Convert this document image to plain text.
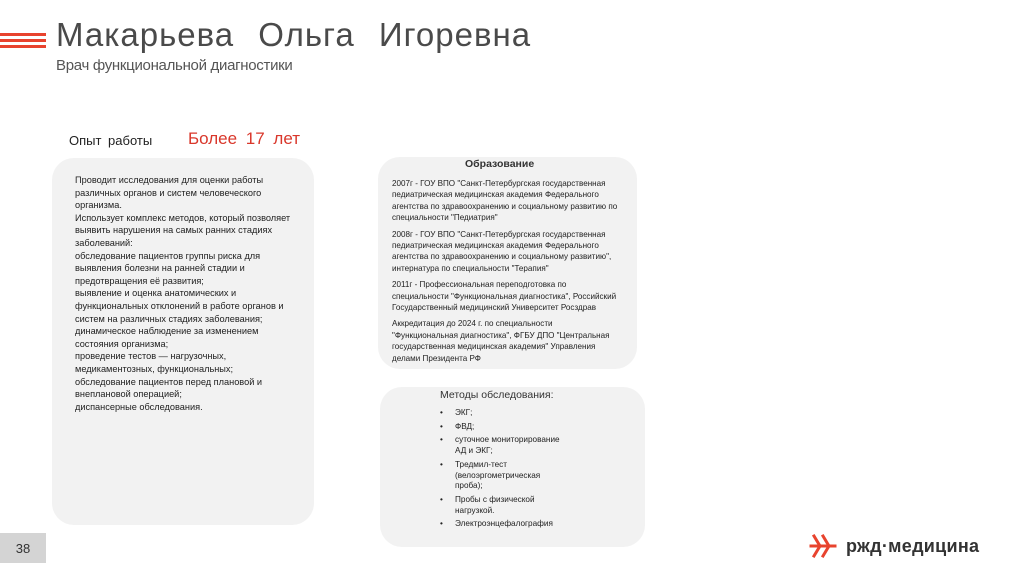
Макарьева Ольга Игоревна
Врач функциональной диагностики
Опыт работы Более 17 лет

Проводит исследования для оценки работы различных органов и систем человеческого организма.

Использует комплекс методов, который позволяет выявить нарушения на самых ранних стадиях заболеваний:

обследование пациентов группы риска для выявления болезни на ранней стадии и предотвращения её развития;

выявление и оценка анатомических и функциональных отклонений в работе органов и систем на различных стадиях заболевания;

динамическое наблюдение за изменением состояния организма;

проведение тестов — нагрузочных, медикаментозных, функциональных;

обследование пациентов перед плановой и внеплановой операцией;

диспансерные обследования.

Образование

2007г - ГОУ ВПО "Санкт-Петербургская государственная педиатрическая медицинская академия Федерального агентства по здравоохранению и социальному развитию по специальности "Педиатрия"

2008г - ГОУ ВПО "Санкт-Петербургская государственная педиатрическая медицинская академия Федерального агентства по здравоохранению и социальному развитию", интернатура по специальности "Терапия"

2011г - Профессиональная переподготовка по специальности "Функциональная диагностика", Российский Государственный медицинский Университет Росздрав

Аккредитация до 2024 г. по специальности "Функциональная диагностика", ФГБУ ДПО "Центральная государственная медицинская академия" Управления делами Президента РФ

Методы обследования:
• ЭКГ;
• ФВД;
• суточное мониторирование АД и ЭКГ;
• Тредмил-тест (велоэргометрическая проба);
• Пробы с физической нагрузкой.
• Электроэнцефалография
38	ржд·медицина
